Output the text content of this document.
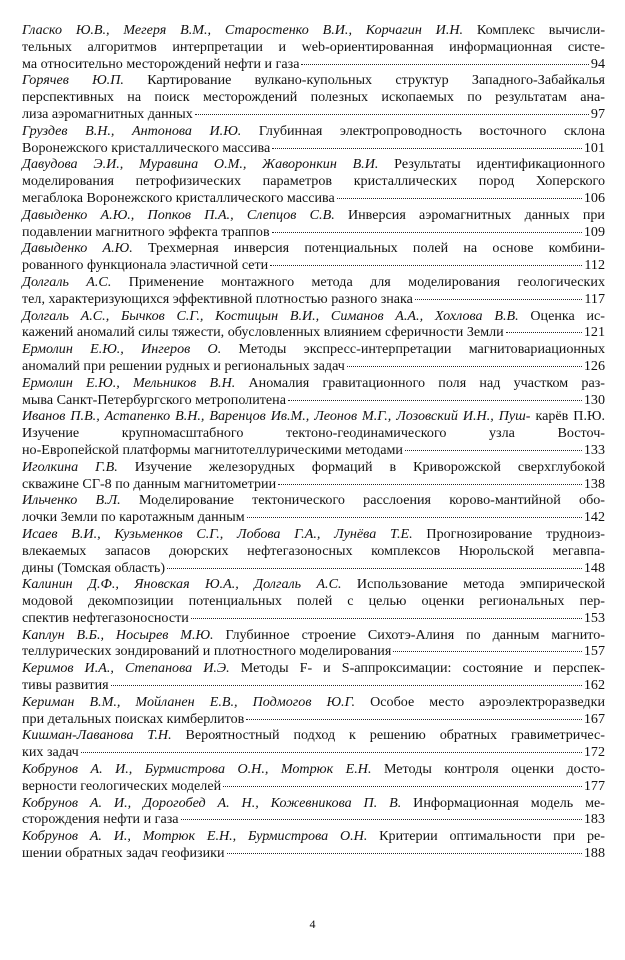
Гласко Ю.В., Мегеря В.М., Старостенко В.И., Корчагин И.Н. Комплекс вычисли-
тельных алгоритмов интерпретации и web-ориентированная информационная систе-
ма относительно месторождений нефти и газа	94
Горячев Ю.П. Картирование вулкано-купольных структур Западного-Забайкалья
перспективных на поиск месторождений полезных ископаемых по результатам ана-
лиза аэромагнитных данных	97
Груздев В.Н., Антонова И.Ю. Глубинная электропроводность восточного склона
Воронежского кристаллического массива	101
Давудова Э.И., Муравина О.М., Жаворонкин В.И. Результаты идентификационного
моделирования петрофизических параметров кристаллических пород Хоперского
мегаблока Воронежского кристаллического массива	106
Давыденко А.Ю., Попков П.А., Слепцов С.В. Инверсия аэромагнитных данных при
подавлении магнитного эффекта траппов	109
Давыденко А.Ю. Трехмерная инверсия потенциальных полей на основе комбини-
рованного функционала эластичной сети	112
Долгаль А.С. Применение монтажного метода для моделирования геологических
тел, характеризующихся эффективной плотностью разного знака	117
Долгаль А.С., Бычков С.Г., Костицын В.И., Симанов А.А., Хохлова В.В. Оценка ис-
кажений аномалий силы тяжести, обусловленных влиянием сферичности Земли	121
Ермолин Е.Ю., Ингеров О. Методы экспресс-интерпретации магнитовариационных
аномалий при решении рудных и региональных задач	126
Ермолин Е.Ю., Мельников В.Н. Аномалия гравитационного поля над участком раз-
мыва Санкт-Петербургского метрополитена	130
Иванов П.В., Астапенко В.Н., Варенцов Ив.М., Леонов М.Г., Лозовский И.Н., Пуш- карёв П.Ю.
Изучение крупномасштабного тектоно-геодинамического узла Восточ-
но-Европейской платформы магнитотеллурическими методами	133
Иголкина Г.В. Изучение железорудных формаций в Криворожской сверхглубокой
скважине СГ-8 по данным магнитометрии	138
Ильченко В.Л. Моделирование тектонического расслоения корово-мантийной обо-
лочки Земли по каротажным данным	142
Исаев В.И., Кузьменков С.Г., Лобова Г.А., Лунёва Т.Е. Прогнозирование трудноиз-
влекаемых запасов доюрских нефтегазоносных комплексов Нюрольской мегавпа-
дины (Томская область)	148
Калинин Д.Ф., Яновская Ю.А., Долгаль А.С. Использование метода эмпирической
модовой декомпозиции потенциальных полей с целью оценки региональных пер-
спектив нефтегазоносности	153
Каплун В.Б., Носырев М.Ю. Глубинное строение Сихотэ-Алиня по данным магнито-
теллурических зондирований и плотностного моделирования	157
Керимов И.А., Степанова И.Э. Методы F- и S-аппроксимации: состояние и перспек-
тивы развития	162
Кериман В.М., Мойланен Е.В., Подмогов Ю.Г. Особое место аэроэлектроразведки
при детальных поисках кимберлитов	167
Кишман-Лаванова Т.Н. Вероятностный подход к решению обратных гравиметричес-
ких задач	172
Кобрунов А. И., Бурмистрова О.Н., Мотрюк Е.Н. Методы контроля оценки досто-
верности геологических моделей	177
Кобрунов А. И., Дорогобед А. Н., Кожевникова П. В. Информационная модель ме-
сторождения нефти и газа	183
Кобрунов А. И., Мотрюк Е.Н., Бурмистрова О.Н. Критерии оптимальности при ре-
шении обратных задач геофизики	188
4
